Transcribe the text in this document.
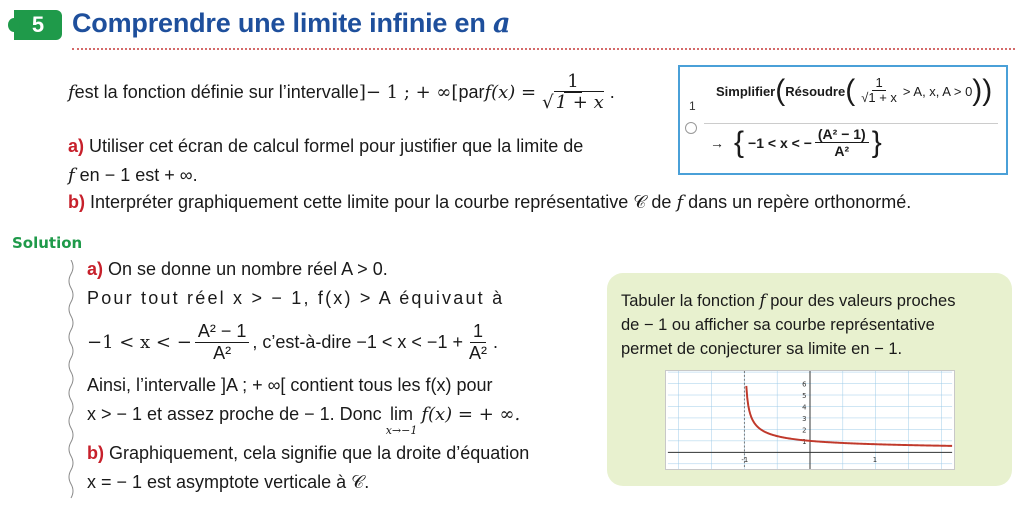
5 Comprendre une limite infinie en a
f est la fonction définie sur l’intervalle ]− 1 ; + ∞[ par $f(x) = \frac{1}{√ 1 + x}$ .
a) Utiliser cet écran de calcul formel pour justifier que la limite de
f en − 1 est + ∞.
b) Interpréter graphiquement cette limite pour la courbe représentative 𝒞 de f dans un repère orthonormé.
1
Simplifier ( Résoudre ( $\frac{1}{√1 + x} > A$, x, A > 0 ))
→ { −1 < x < − $\frac{\text{(A² − 1)}}{\text{A²}}$ }
Solution
a) On se donne un nombre réel A > 0.
Pour tout réel x > − 1, f(x) > A équivaut à
−1 < x < − $\frac{\text{A² − 1}}{\text{A²}}$ , c’est-à-dire $-1 < x < -1 + \frac{1}{\text{A²}}$ .
Ainsi, l’intervalle ]A ; + ∞[ contient tous les f(x) pour
x > − 1 et assez proche de − 1. Donc lim
x→−1
f(x) = + ∞.
b) Graphiquement, cela signifie que la droite d’équation
x = − 1 est asymptote verticale à 𝒞.
Tabuler la fonction f pour des valeurs proches
de − 1 ou afficher sa courbe représentative
permet de conjecturer sa limite en − 1.
1
2
3
4
5
6
-1	1
